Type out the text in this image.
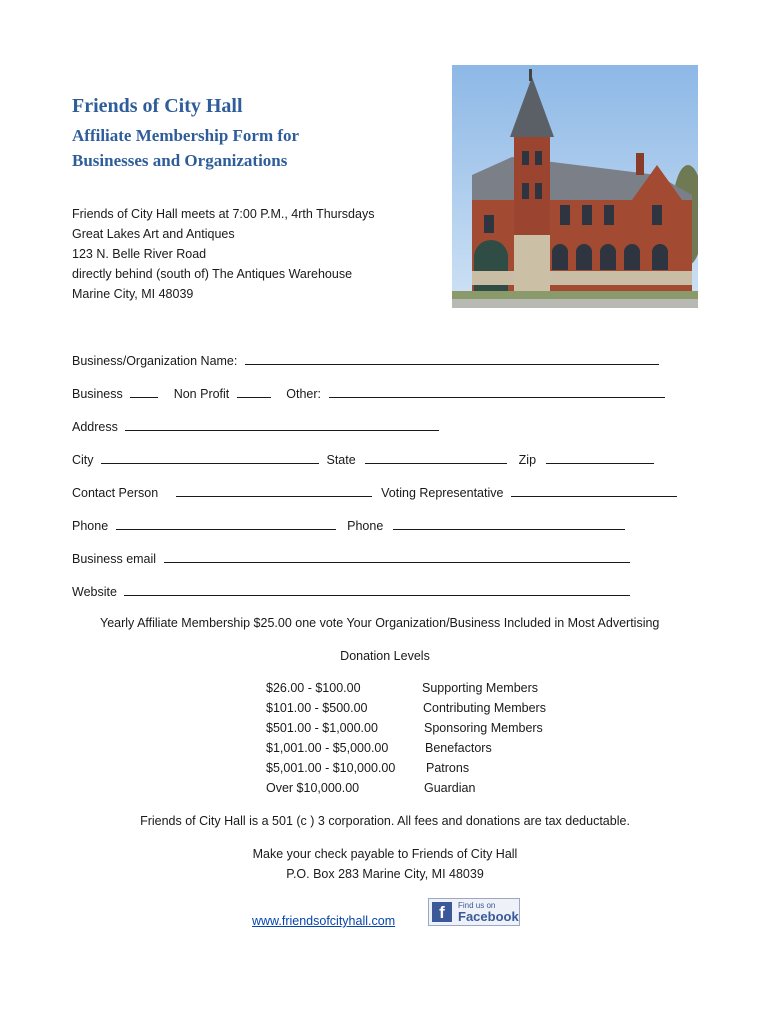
Friends of City Hall
Affiliate Membership Form for
Businesses and Organizations
Friends of City Hall meets at 7:00 P.M., 4rth Thursdays
Great Lakes Art and Antiques
123 N. Belle River Road
directly behind (south of) The Antiques Warehouse
Marine City, MI 48039
Business/Organization Name:
Business	Non Profit	Other:
Address
City	State	Zip
Contact Person	Voting Representative
Phone	Phone
Business email
Website
Yearly Affiliate Membership $25.00 one vote Your Organization/Business Included in Most Advertising
Donation Levels
$26.00 - $100.00	Supporting Members
$101.00 - $500.00	Contributing Members
$501.00 - $1,000.00	Sponsoring Members
$1,001.00 - $5,000.00	Benefactors
$5,001.00 - $10,000.00 Patrons
Over $10,000.00	Guardian
Friends of City Hall is a 501 (c ) 3 corporation. All fees and donations are tax deductable.
Make your check payable to Friends of City Hall
P.O. Box 283 Marine City, MI 48039
www.friendsofcityhall.com	f	Find us on
Facebook
